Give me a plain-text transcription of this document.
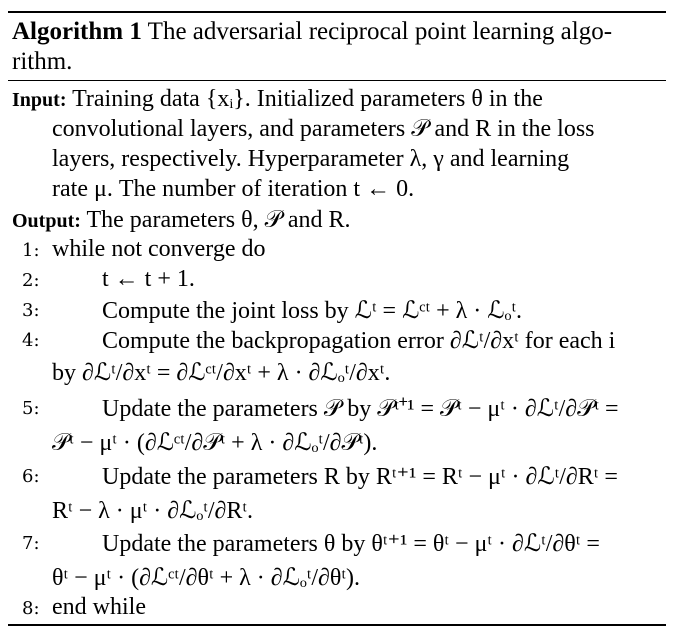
Algorithm 1 The adversarial reciprocal point learning algo-
rithm.
Input: Training data {xᵢ}. Initialized parameters θ in the
convolutional layers, and parameters 𝒫 and R in the loss
layers, respectively. Hyperparameter λ, γ and learning
rate μ. The number of iteration t ← 0.
Output: The parameters θ, 𝒫 and R.
1: while not converge do
2:	t ← t + 1.
3:	Compute the joint loss by ℒᵗ = ℒᶜᵗ + λ · ℒₒᵗ.
4:	Compute the backpropagation error ∂ℒᵗ/∂xᵗ for each i
by ∂ℒᵗ/∂xᵗ = ∂ℒᶜᵗ/∂xᵗ + λ · ∂ℒₒᵗ/∂xᵗ.
5:	Update the parameters 𝒫 by 𝒫ᵗ⁺¹ = 𝒫ᵗ − μᵗ · ∂ℒᵗ/∂𝒫ᵗ =
𝒫ᵗ − μᵗ · (∂ℒᶜᵗ/∂𝒫ᵗ + λ · ∂ℒₒᵗ/∂𝒫ᵗ).
6:	Update the parameters R by Rᵗ⁺¹ = Rᵗ − μᵗ · ∂ℒᵗ/∂Rᵗ =
Rᵗ − λ · μᵗ · ∂ℒₒᵗ/∂Rᵗ.
7:	Update the parameters θ by θᵗ⁺¹ = θᵗ − μᵗ · ∂ℒᵗ/∂θᵗ =
θᵗ − μᵗ · (∂ℒᶜᵗ/∂θᵗ + λ · ∂ℒₒᵗ/∂θᵗ).
8: end while
